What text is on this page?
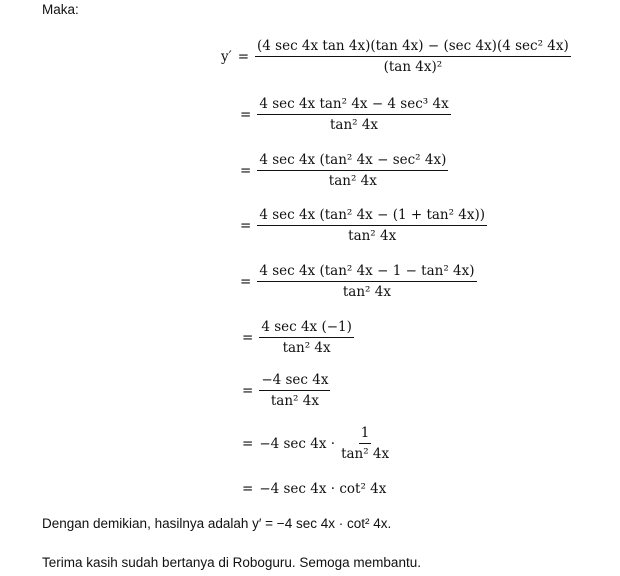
Maka:
$y' = \frac{\text{(4 sec 4x tan 4x)(tan 4x) − (sec 4x)(4 sec² 4x)}}{\text{(tan 4x)²}}$
= $\frac{\text{4 sec 4x tan² 4x − 4 sec³ 4x}}{\text{tan² 4x}}$
= $\frac{\text{4 sec 4x (tan² 4x − sec² 4x)}}{\text{tan² 4x}}$
= $\frac{\text{4 sec 4x (tan² 4x − (1 + tan² 4x))}}{\text{tan² 4x}}$
= $\frac{\text{4 sec 4x (tan² 4x − 1 − tan² 4x)}}{\text{tan² 4x}}$
= $\frac{4 \sec 4x (-1)}{\text{tan² 4x}}$
= $\frac{-4 \sec 4x}{\text{tan² 4x}}$
= −4 $\sec 4x \cdot \frac{1}{\text{tan² 4x}}$
= −4 sec 4x · cot² 4x
Dengan demikian, hasilnya adalah y′ = −4 sec 4x · cot² 4x.
Terima kasih sudah bertanya di Roboguru. Semoga membantu.
